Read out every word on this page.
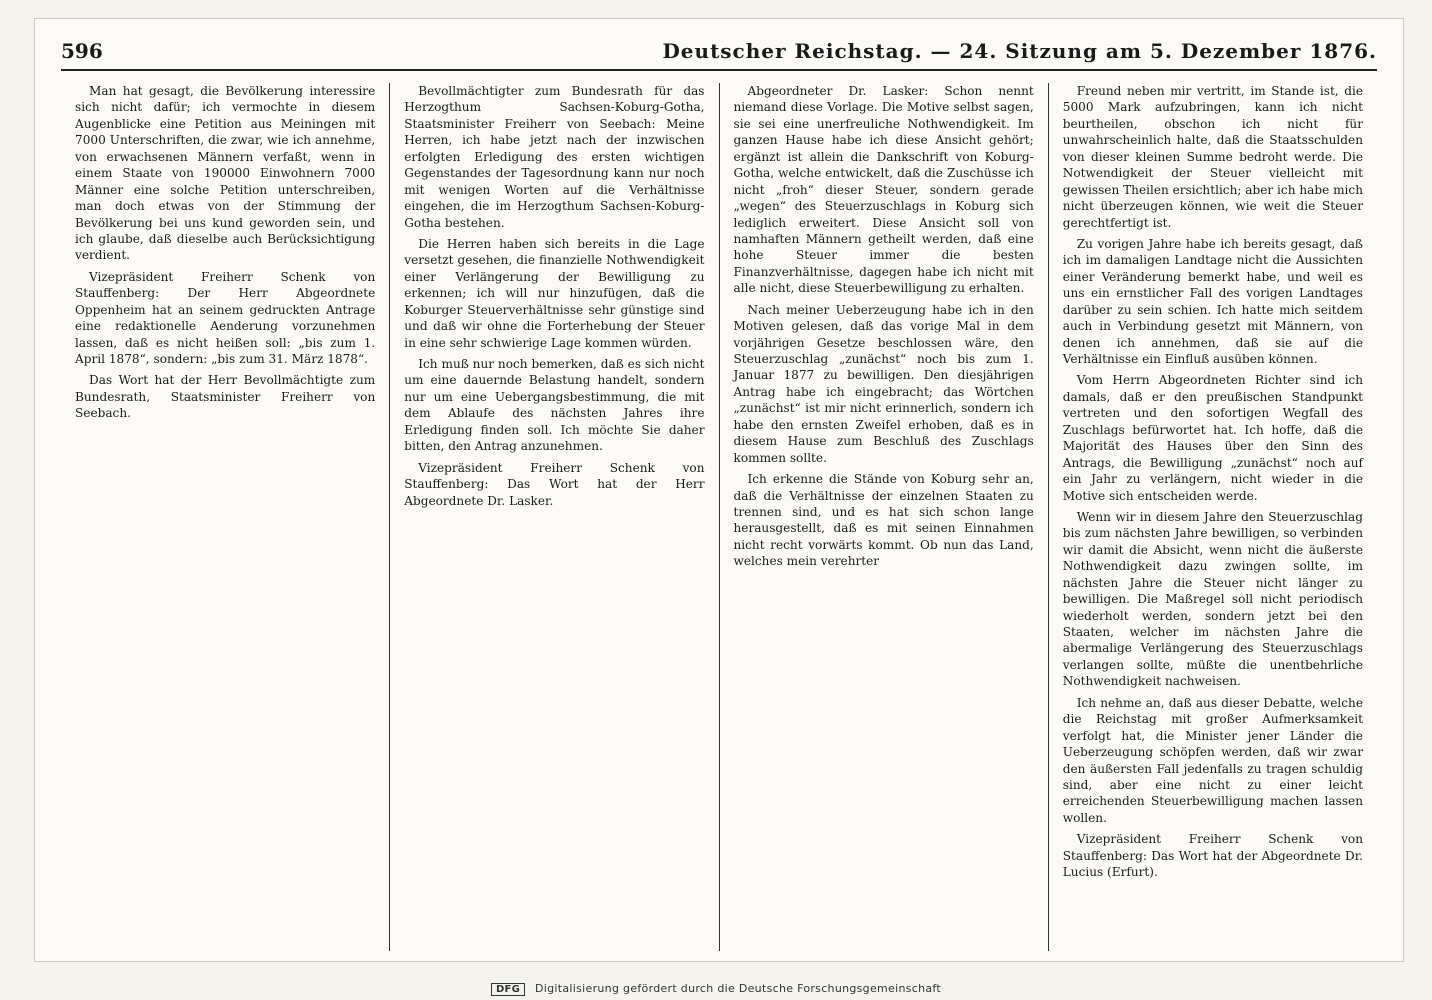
596	Deutscher Reichstag. — 24. Sitzung am 5. Dezember 1876.

Man hat gesagt, die Bevölkerung interessire sich nicht dafür; ich vermochte in diesem Augenblicke eine Petition aus Meiningen mit 7000 Unterschriften, die zwar, wie ich annehme, von erwachsenen Männern verfaßt, wenn in einem Staate von 190000 Einwohnern 7000 Männer eine solche Petition unterschreiben, man doch etwas von der Stimmung der Bevölkerung bei uns kund geworden sein, und ich glaube, daß dieselbe auch Berücksichtigung verdient.

Vizepräsident Freiherr Schenk von Stauffenberg: Der Herr Abgeordnete Oppenheim hat an seinem gedruckten Antrage eine redaktionelle Aenderung vorzunehmen lassen, daß es nicht heißen soll: „bis zum 1. April 1878“, sondern: „bis zum 31. März 1878“.

Das Wort hat der Herr Bevollmächtigte zum Bundesrath, Staatsminister Freiherr von Seebach.

Bevollmächtigter zum Bundesrath für das Herzogthum Sachsen-Koburg-Gotha, Staatsminister Freiherr von Seebach: Meine Herren, ich habe jetzt nach der inzwischen erfolgten Erledigung des ersten wichtigen Gegenstandes der Tagesordnung kann nur noch mit wenigen Worten auf die Verhältnisse eingehen, die im Herzogthum Sachsen-Koburg-Gotha bestehen.

Die Herren haben sich bereits in die Lage versetzt gesehen, die finanzielle Nothwendigkeit einer Verlängerung der Bewilligung zu erkennen; ich will nur hinzufügen, daß die Koburger Steuerverhältnisse sehr günstige sind und daß wir ohne die Forterhebung der Steuer in eine sehr schwierige Lage kommen würden.

Ich muß nur noch bemerken, daß es sich nicht um eine dauernde Belastung handelt, sondern nur um eine Uebergangsbestimmung, die mit dem Ablaufe des nächsten Jahres ihre Erledigung finden soll. Ich möchte Sie daher bitten, den Antrag anzunehmen.

Vizepräsident Freiherr Schenk von Stauffenberg: Das Wort hat der Herr Abgeordnete Dr. Lasker.

Abgeordneter Dr. Lasker: Schon nennt niemand diese Vorlage. Die Motive selbst sagen, sie sei eine unerfreuliche Nothwendigkeit. Im ganzen Hause habe ich diese Ansicht gehört; ergänzt ist allein die Dankschrift von Koburg-Gotha, welche entwickelt, daß die Zuschüsse ich nicht „froh“ dieser Steuer, sondern gerade „wegen“ des Steuerzuschlags in Koburg sich lediglich erweitert. Diese Ansicht soll von namhaften Männern getheilt werden, daß eine hohe Steuer immer die besten Finanzverhältnisse, dagegen habe ich nicht mit alle nicht, diese Steuerbewilligung zu erhalten.

Nach meiner Ueberzeugung habe ich in den Motiven gelesen, daß das vorige Mal in dem vorjährigen Gesetze beschlossen wäre, den Steuerzuschlag „zunächst“ noch bis zum 1. Januar 1877 zu bewilligen. Den diesjährigen Antrag habe ich eingebracht; das Wörtchen „zunächst“ ist mir nicht erinnerlich, sondern ich habe den ernsten Zweifel erhoben, daß es in diesem Hause zum Beschluß des Zuschlags kommen sollte.

Ich erkenne die Stände von Koburg sehr an, daß die Verhältnisse der einzelnen Staaten zu trennen sind, und es hat sich schon lange herausgestellt, daß es mit seinen Einnahmen nicht recht vorwärts kommt. Ob nun das Land, welches mein verehrter

Freund neben mir vertritt, im Stande ist, die 5000 Mark aufzubringen, kann ich nicht beurtheilen, obschon ich nicht für unwahrscheinlich halte, daß die Staatsschulden von dieser kleinen Summe bedroht werde. Die Notwendigkeit der Steuer vielleicht mit gewissen Theilen ersichtlich; aber ich habe mich nicht überzeugen können, wie weit die Steuer gerechtfertigt ist.

Zu vorigen Jahre habe ich bereits gesagt, daß ich im damaligen Landtage nicht die Aussichten einer Veränderung bemerkt habe, und weil es uns ein ernstlicher Fall des vorigen Landtages darüber zu sein schien. Ich hatte mich seitdem auch in Verbindung gesetzt mit Männern, von denen ich annehmen, daß sie auf die Verhältnisse ein Einfluß ausüben können.

Vom Herrn Abgeordneten Richter sind ich damals, daß er den preußischen Standpunkt vertreten und den sofortigen Wegfall des Zuschlags befürwortet hat. Ich hoffe, daß die Majorität des Hauses über den Sinn des Antrags, die Bewilligung „zunächst“ noch auf ein Jahr zu verlängern, nicht wieder in die Motive sich entscheiden werde.

Wenn wir in diesem Jahre den Steuerzuschlag bis zum nächsten Jahre bewilligen, so verbinden wir damit die Absicht, wenn nicht die äußerste Nothwendigkeit dazu zwingen sollte, im nächsten Jahre die Steuer nicht länger zu bewilligen. Die Maßregel soll nicht periodisch wiederholt werden, sondern jetzt bei den Staaten, welcher im nächsten Jahre die abermalige Verlängerung des Steuerzuschlags verlangen sollte, müßte die unentbehrliche Nothwendigkeit nachweisen.

Ich nehme an, daß aus dieser Debatte, welche die Reichstag mit großer Aufmerksamkeit verfolgt hat, die Minister jener Länder die Ueberzeugung schöpfen werden, daß wir zwar den äußersten Fall jedenfalls zu tragen schuldig sind, aber eine nicht zu einer leicht erreichenden Steuerbewilligung machen lassen wollen.

Vizepräsident Freiherr Schenk von Stauffenberg: Das Wort hat der Abgeordnete Dr. Lucius (Erfurt).

DFG Digitalisierung gefördert durch die Deutsche Forschungsgemeinschaft
